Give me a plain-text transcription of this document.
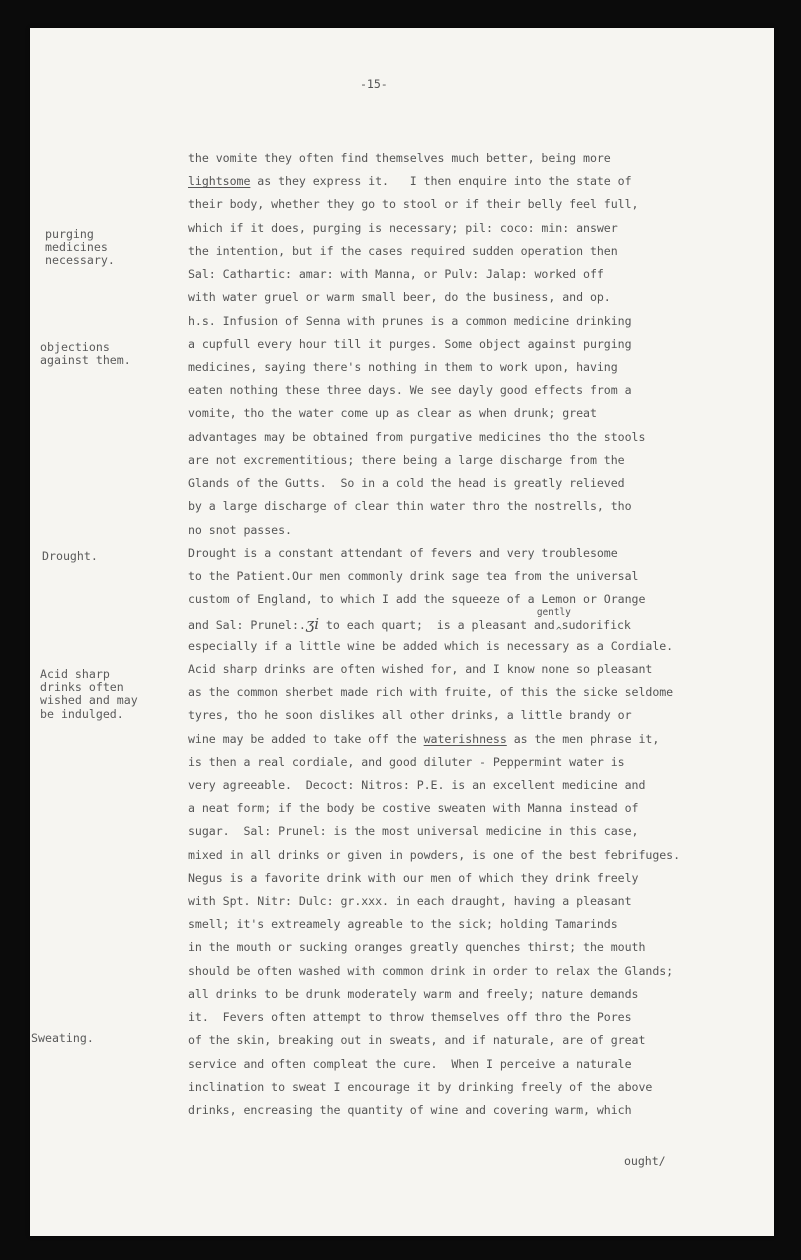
-15-
purging
medicines
necessary.
objections
against them.
Drought.
Acid sharp
drinks often
wished and may
be indulged.
Sweating.
the vomite they often find themselves much better, being more
lightsome as they express it.   I then enquire into the state of
their body, whether they go to stool or if their belly feel full,
which if it does, purging is necessary; pil: coco: min: answer
the intention, but if the cases required sudden operation then
Sal: Cathartic: amar: with Manna, or Pulv: Jalap: worked off
with water gruel or warm small beer, do the business, and op.
h.s. Infusion of Senna with prunes is a common medicine drinking
a cupfull every hour till it purges. Some object against purging
medicines, saying there's nothing in them to work upon, having
eaten nothing these three days. We see dayly good effects from a
vomite, tho the water come up as clear as when drunk; great
advantages may be obtained from purgative medicines tho the stools
are not excrementitious; there being a large discharge from the
Glands of the Gutts.  So in a cold the head is greatly relieved
by a large discharge of clear thin water thro the nostrells, tho
no snot passes.
Drought is a constant attendant of fevers and very troublesome
to the Patient.Our men commonly drink sage tea from the universal
custom of England, to which I add the squeeze of a Lemon or Orange
and Sal: Prunel:.ʒi to each quart;  is a pleasant and
gently
^ sudorifick
especially if a little wine be added which is necessary as a Cordiale.
Acid sharp drinks are often wished for, and I know none so pleasant
as the common sherbet made rich with fruite, of this the sicke seldome
tyres, tho he soon dislikes all other drinks, a little brandy or
wine may be added to take off the waterishness as the men phrase it,
is then a real cordiale, and good diluter - Peppermint water is
very agreeable.  Decoct: Nitros: P.E. is an excellent medicine and
a neat form; if the body be costive sweaten with Manna instead of
sugar.  Sal: Prunel: is the most universal medicine in this case,
mixed in all drinks or given in powders, is one of the best febrifuges.
Negus is a favorite drink with our men of which they drink freely
with Spt. Nitr: Dulc: gr.xxx. in each draught, having a pleasant
smell; it's extreamely agreable to the sick; holding Tamarinds
in the mouth or sucking oranges greatly quenches thirst; the mouth
should be often washed with common drink in order to relax the Glands;
all drinks to be drunk moderately warm and freely; nature demands
it.  Fevers often attempt to throw themselves off thro the Pores
of the skin, breaking out in sweats, and if naturale, are of great
service and often compleat the cure.  When I perceive a naturale
inclination to sweat I encourage it by drinking freely of the above
drinks, encreasing the quantity of wine and covering warm, which
ought/
